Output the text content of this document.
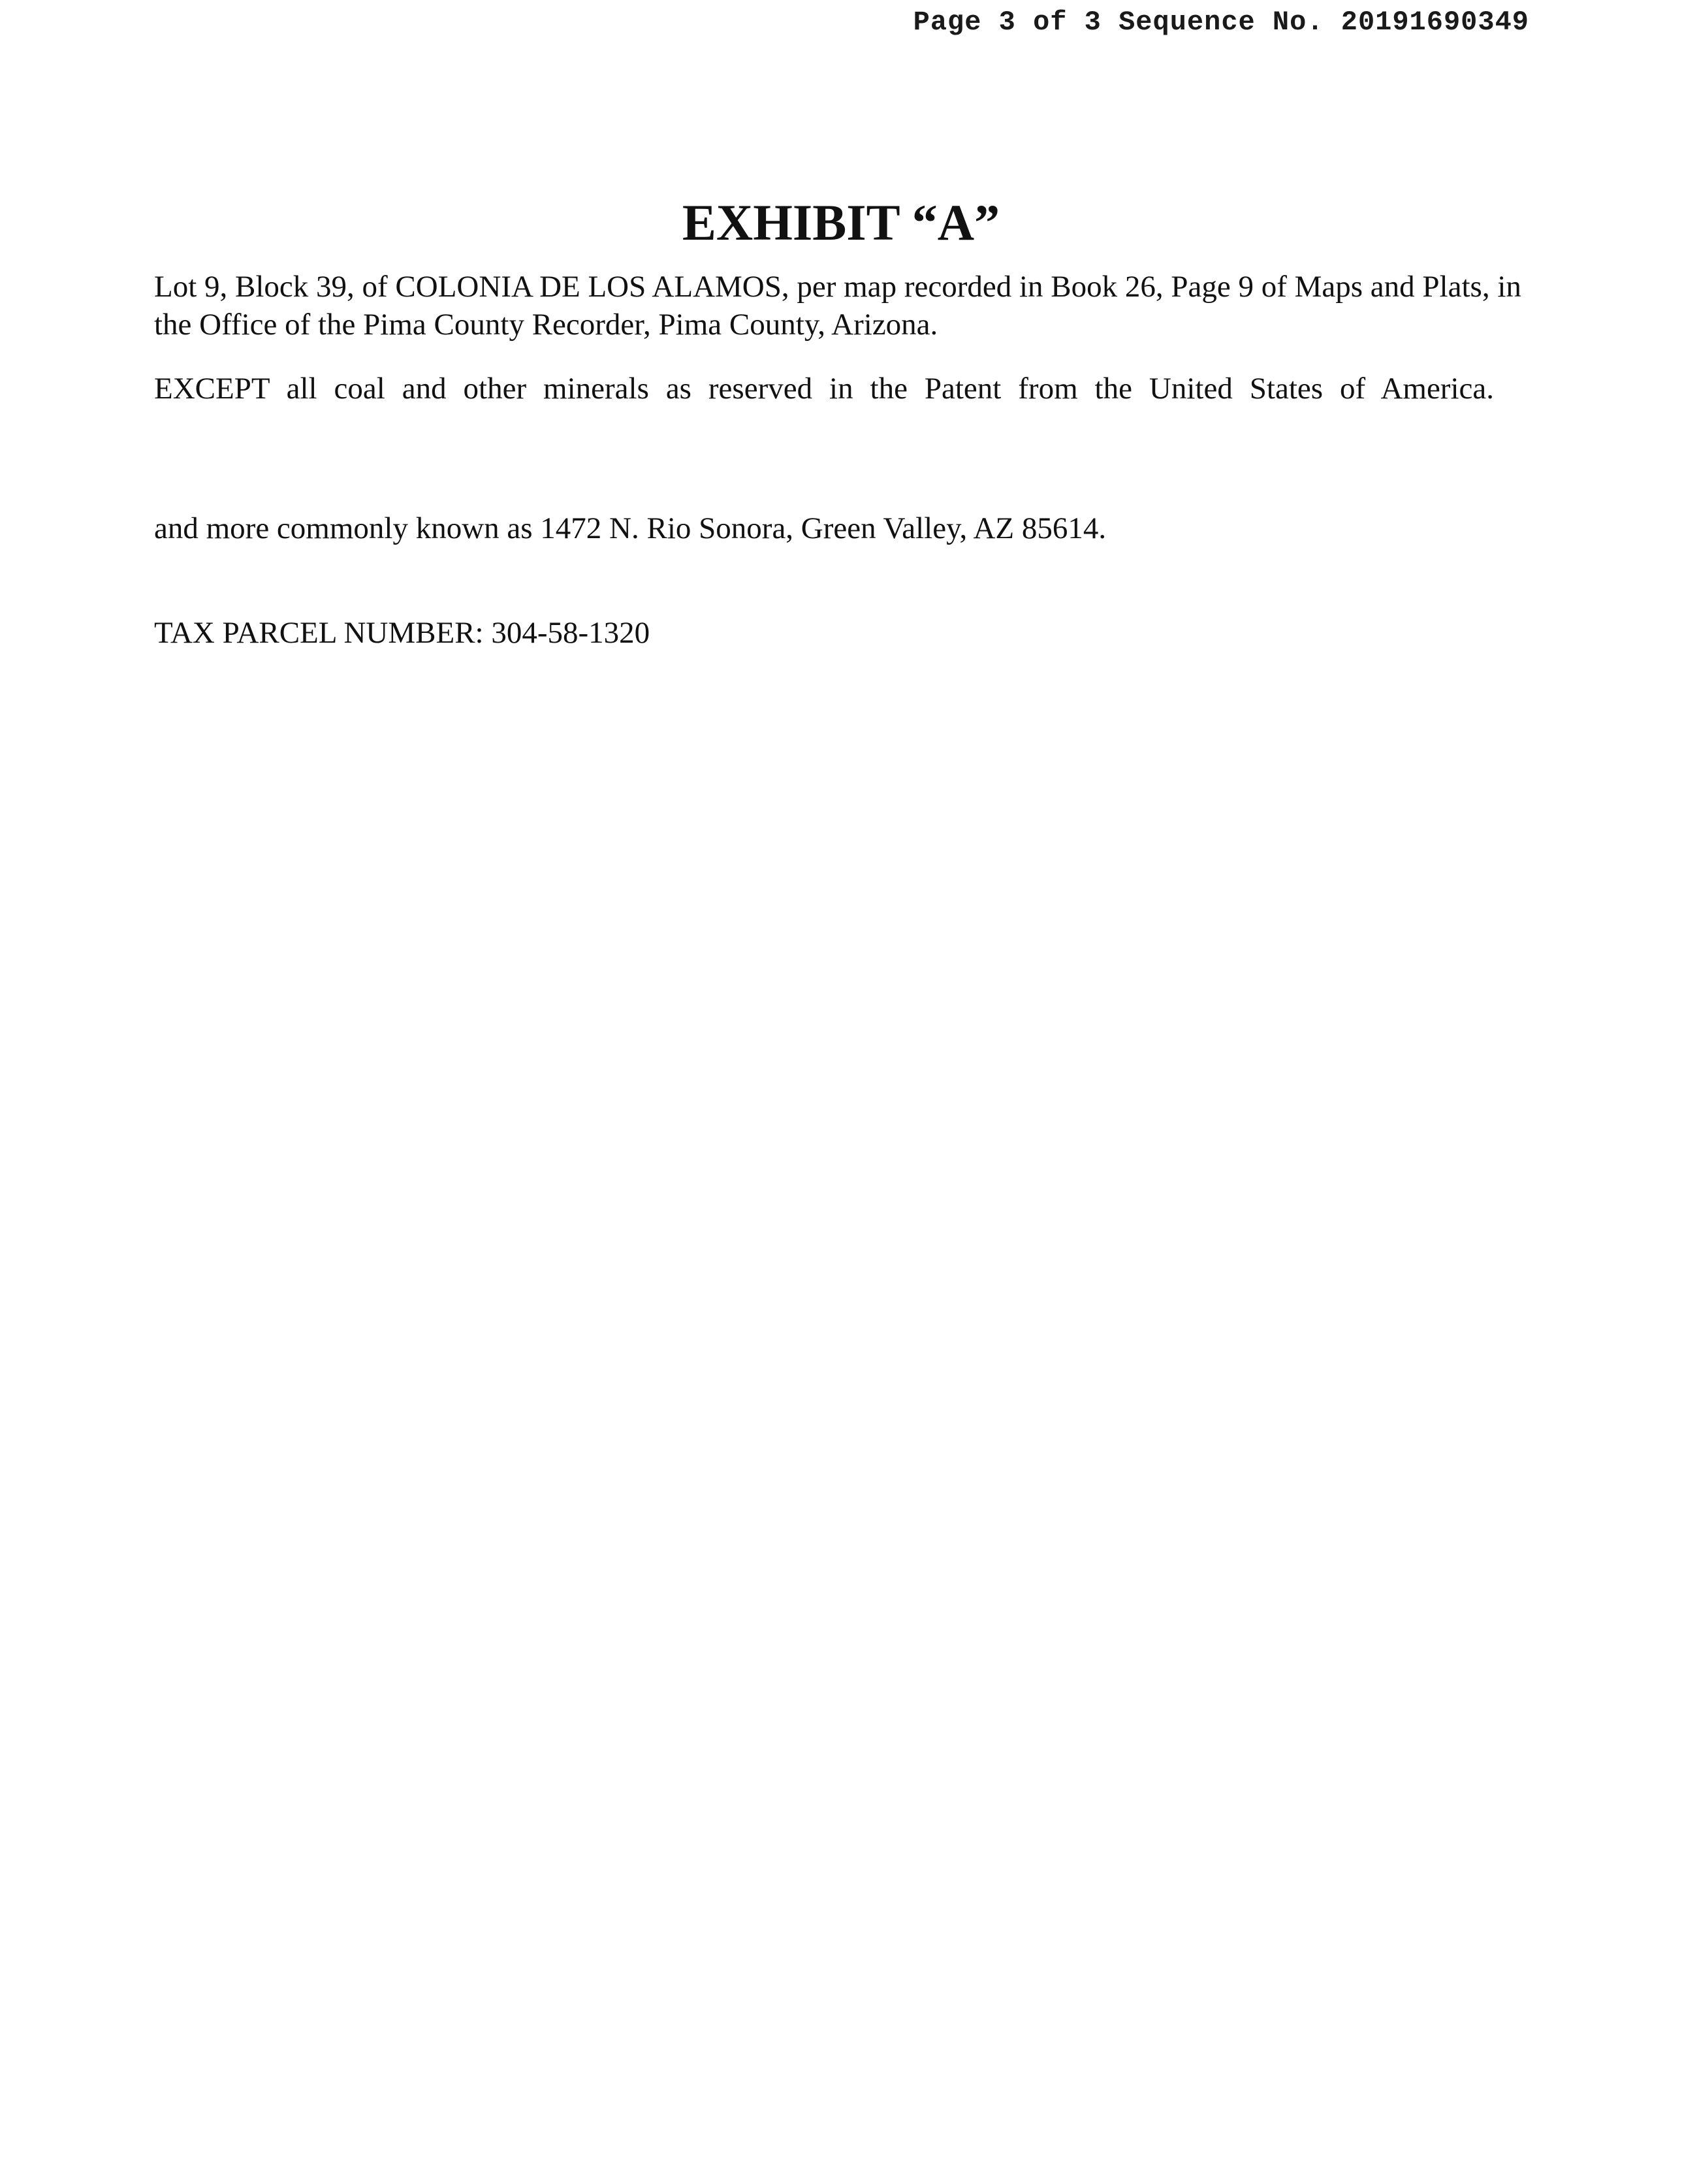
Page 3 of 3 Sequence No. 20191690349
EXHIBIT “A”
Lot 9, Block 39, of COLONIA DE LOS ALAMOS, per map recorded in Book 26, Page 9 of Maps and Plats, in
the Office of the Pima County Recorder, Pima County, Arizona.
EXCEPT all coal and other minerals as reserved in the Patent from the United States of America.
and more commonly known as 1472 N. Rio Sonora, Green Valley, AZ 85614.
TAX PARCEL NUMBER: 304-58-1320
